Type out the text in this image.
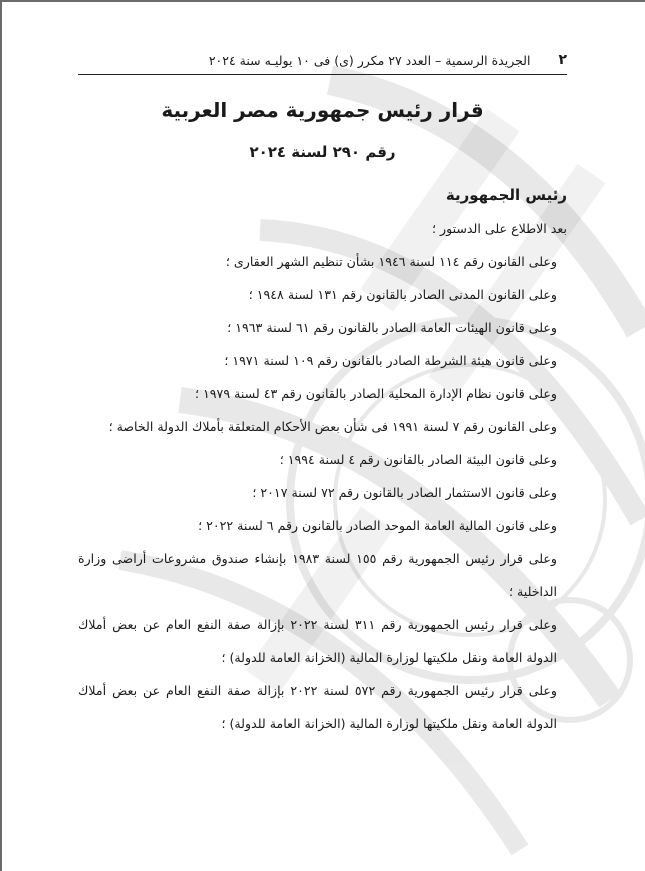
٢
الجريدة الرسمية – العدد ٢٧ مكرر (ى) فى ١٠ يوليـه سنة ٢٠٢٤
قرار رئيس جمهورية مصر العربية
رقم ٢٩٠ لسنة ٢٠٢٤
رئيس الجمهورية

بعد الاطلاع على الدستور ؛

وعلى القانون رقم ١١٤ لسنة ١٩٤٦ بشأن تنظيم الشهر العقارى ؛

وعلى القانون المدنى الصادر بالقانون رقم ١٣١ لسنة ١٩٤٨ ؛

وعلى قانون الهيئات العامة الصادر بالقانون رقم ٦١ لسنة ١٩٦٣ ؛

وعلى قانون هيئة الشرطة الصادر بالقانون رقم ١٠٩ لسنة ١٩٧١ ؛

وعلى قانون نظام الإدارة المحلية الصادر بالقانون رقم ٤٣ لسنة ١٩٧٩ ؛

وعلى القانون رقم ٧ لسنة ١٩٩١ فى شأن بعض الأحكام المتعلقة بأملاك الدولة الخاصة ؛

وعلى قانون البيئة الصادر بالقانون رقم ٤ لسنة ١٩٩٤ ؛

وعلى قانون الاستثمار الصادر بالقانون رقم ٧٢ لسنة ٢٠١٧ ؛

وعلى قانون المالية العامة الموحد الصادر بالقانون رقم ٦ لسنة ٢٠٢٢ ؛

وعلى قرار رئيس الجمهورية رقم ١٥٥ لسنة ١٩٨٣ بإنشاء صندوق مشروعات أراضى وزارة الداخلية ؛

وعلى قرار رئيس الجمهورية رقم ٣١١ لسنة ٢٠٢٢ بإزالة صفة النفع العام عن بعض أملاك الدولة العامة ونقل ملكيتها لوزارة المالية (الخزانة العامة للدولة) ؛

وعلى قرار رئيس الجمهورية رقم ٥٧٢ لسنة ٢٠٢٢ بإزالة صفة النفع العام عن بعض أملاك الدولة العامة ونقل ملكيتها لوزارة المالية (الخزانة العامة للدولة) ؛
